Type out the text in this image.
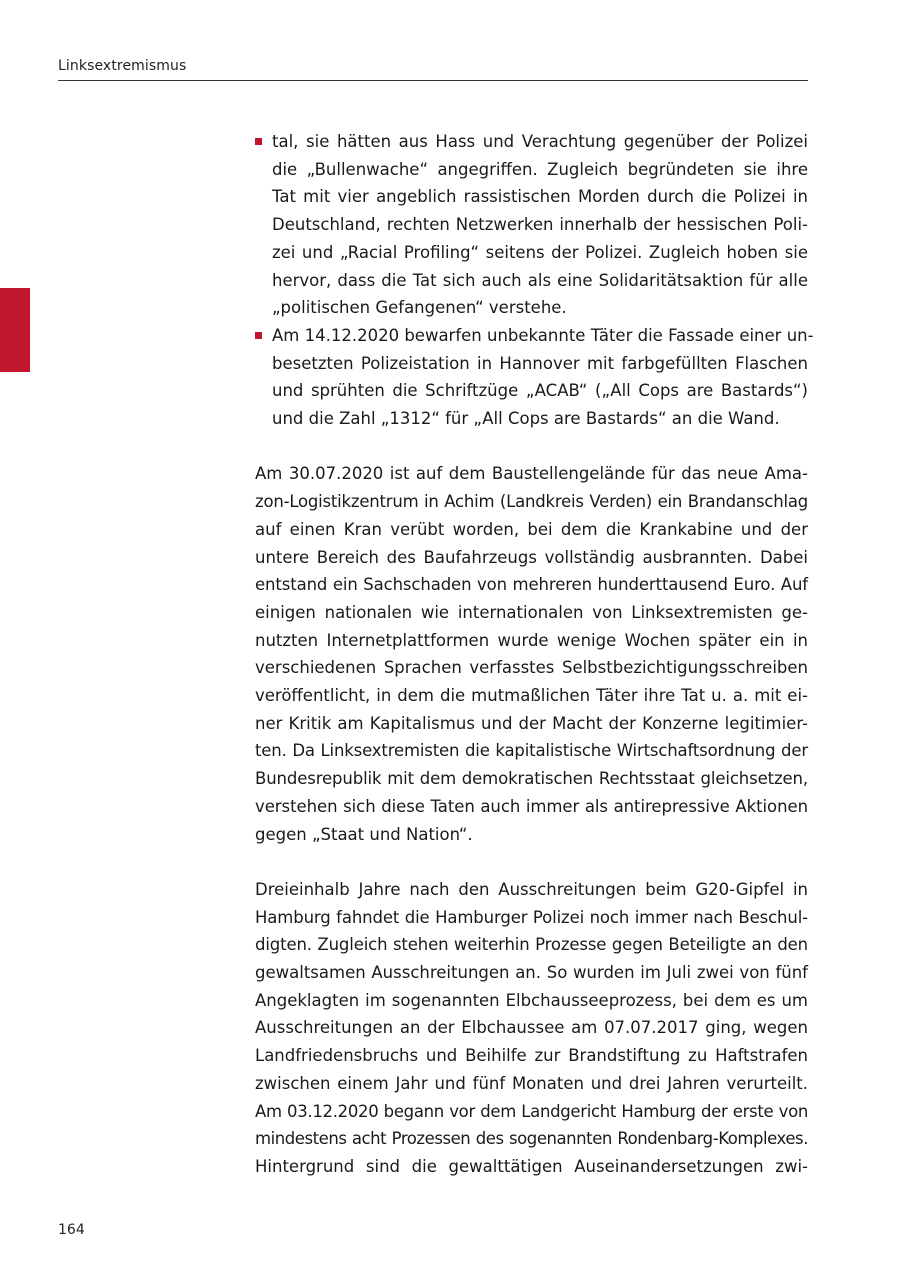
Linksextremismus
tal, sie hätten aus Hass und Verachtung gegenüber der Polizei
die „Bullenwache“ angegriffen. Zugleich begründeten sie ihre
Tat mit vier angeblich rassistischen Morden durch die Polizei in
Deutschland, rechten Netzwerken innerhalb der hessischen Poli-
zei und „Racial Profiling“ seitens der Polizei. Zugleich hoben sie
hervor, dass die Tat sich auch als eine Solidaritätsaktion für alle
„politischen Gefangenen“ verstehe.
Am 14.12.2020 bewarfen unbekannte Täter die Fassade einer un-
besetzten Polizeistation in Hannover mit farbgefüllten Flaschen
und sprühten die Schriftzüge „ACAB“ („All Cops are Bastards“)
und die Zahl „1312“ für „All Cops are Bastards“ an die Wand.
Am 30.07.2020 ist auf dem Baustellengelände für das neue Ama-
zon-Logistikzentrum in Achim (Landkreis Verden) ein Brandanschlag
auf einen Kran verübt worden, bei dem die Krankabine und der
untere Bereich des Baufahrzeugs vollständig ausbrannten. Dabei
entstand ein Sachschaden von mehreren hunderttausend Euro. Auf
einigen nationalen wie internationalen von Linksextremisten ge-
nutzten Internetplattformen wurde wenige Wochen später ein in
verschiedenen Sprachen verfasstes Selbstbezichtigungsschreiben
veröffentlicht, in dem die mutmaßlichen Täter ihre Tat u. a. mit ei-
ner Kritik am Kapitalismus und der Macht der Konzerne legitimier-
ten. Da Linksextremisten die kapitalistische Wirtschaftsordnung der
Bundesrepublik mit dem demokratischen Rechtsstaat gleichsetzen,
verstehen sich diese Taten auch immer als antirepressive Aktionen
gegen „Staat und Nation“.
Dreieinhalb Jahre nach den Ausschreitungen beim G20-Gipfel in
Hamburg fahndet die Hamburger Polizei noch immer nach Beschul-
digten. Zugleich stehen weiterhin Prozesse gegen Beteiligte an den
gewaltsamen Ausschreitungen an. So wurden im Juli zwei von fünf
Angeklagten im sogenannten Elbchausseeprozess, bei dem es um
Ausschreitungen an der Elbchaussee am 07.07.2017 ging, wegen
Landfriedensbruchs und Beihilfe zur Brandstiftung zu Haftstrafen
zwischen einem Jahr und fünf Monaten und drei Jahren verurteilt.
Am 03.12.2020 begann vor dem Landgericht Hamburg der erste von
mindestens acht Prozessen des sogenannten Rondenbarg-Komplexes.
Hintergrund sind die gewalttätigen Auseinandersetzungen zwi-
164
